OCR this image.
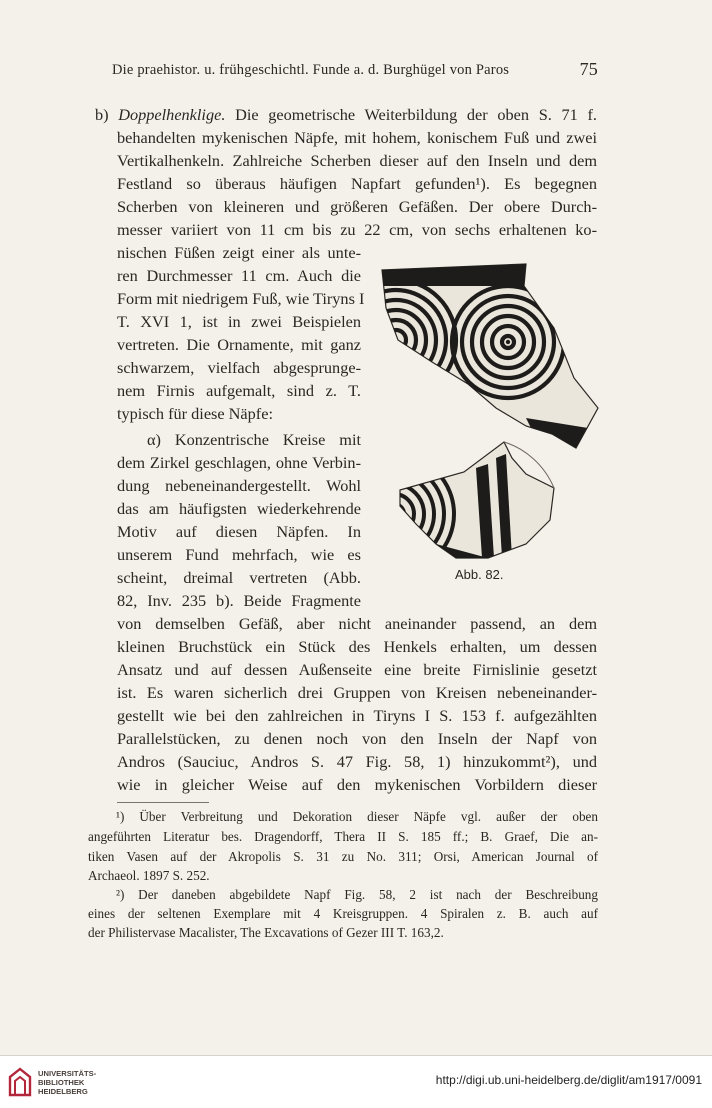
Die praehistor. u. frühgeschichtl. Funde a. d. Burghügel von Paros	75
b) Doppelhenklige. Die geometrische Weiterbildung der oben S. 71 f.
behandelten mykenischen Näpfe, mit hohem, konischem Fuß und zwei
Vertikalhenkeln. Zahlreiche Scherben dieser auf den Inseln und dem
Festland so überaus häufigen Napfart gefunden¹). Es begegnen
Scherben von kleineren und größeren Gefäßen. Der obere Durch-
messer variiert von 11 cm bis zu 22 cm, von sechs erhaltenen ko-
nischen Füßen zeigt einer als unte-
ren Durchmesser 11 cm. Auch die
Form mit niedrigem Fuß, wie Tiryns I
T. XVI 1, ist in zwei Beispielen
vertreten. Die Ornamente, mit ganz
schwarzem, vielfach abgesprunge-
nem Firnis aufgemalt, sind z. T.
typisch für diese Näpfe:
α) Konzentrische Kreise mit
dem Zirkel geschlagen, ohne Verbin-
dung nebeneinandergestellt. Wohl
das am häufigsten wiederkehrende
Motiv auf diesen Näpfen. In
unserem Fund mehrfach, wie es
scheint, dreimal vertreten (Abb.
82, Inv. 235 b). Beide Fragmente
von demselben Gefäß, aber nicht aneinander passend, an dem
kleinen Bruchstück ein Stück des Henkels erhalten, um dessen
Ansatz und auf dessen Außenseite eine breite Firnislinie gesetzt
ist. Es waren sicherlich drei Gruppen von Kreisen nebeneinander-
gestellt wie bei den zahlreichen in Tiryns I S. 153 f. aufgezählten
Parallelstücken, zu denen noch von den Inseln der Napf von
Andros (Sauciuc, Andros S. 47 Fig. 58, 1) hinzukommt²), und
wie in gleicher Weise auf den mykenischen Vorbildern dieser
Abb. 82.
¹) Über Verbreitung und Dekoration dieser Näpfe vgl. außer der oben
angeführten Literatur bes. Dragendorff, Thera II S. 185 ff.; B. Graef, Die an-
tiken Vasen auf der Akropolis S. 31 zu No. 311; Orsi, American Journal of
Archaeol. 1897 S. 252.
²) Der daneben abgebildete Napf Fig. 58, 2 ist nach der Beschreibung
eines der seltenen Exemplare mit 4 Kreisgruppen. 4 Spiralen z. B. auch auf
der Philistervase Macalister, The Excavations of Gezer III T. 163,2.
UNIVERSITÄTS-
BIBLIOTHEK
HEIDELBERG
http://digi.ub.uni-heidelberg.de/diglit/am1917/0091
